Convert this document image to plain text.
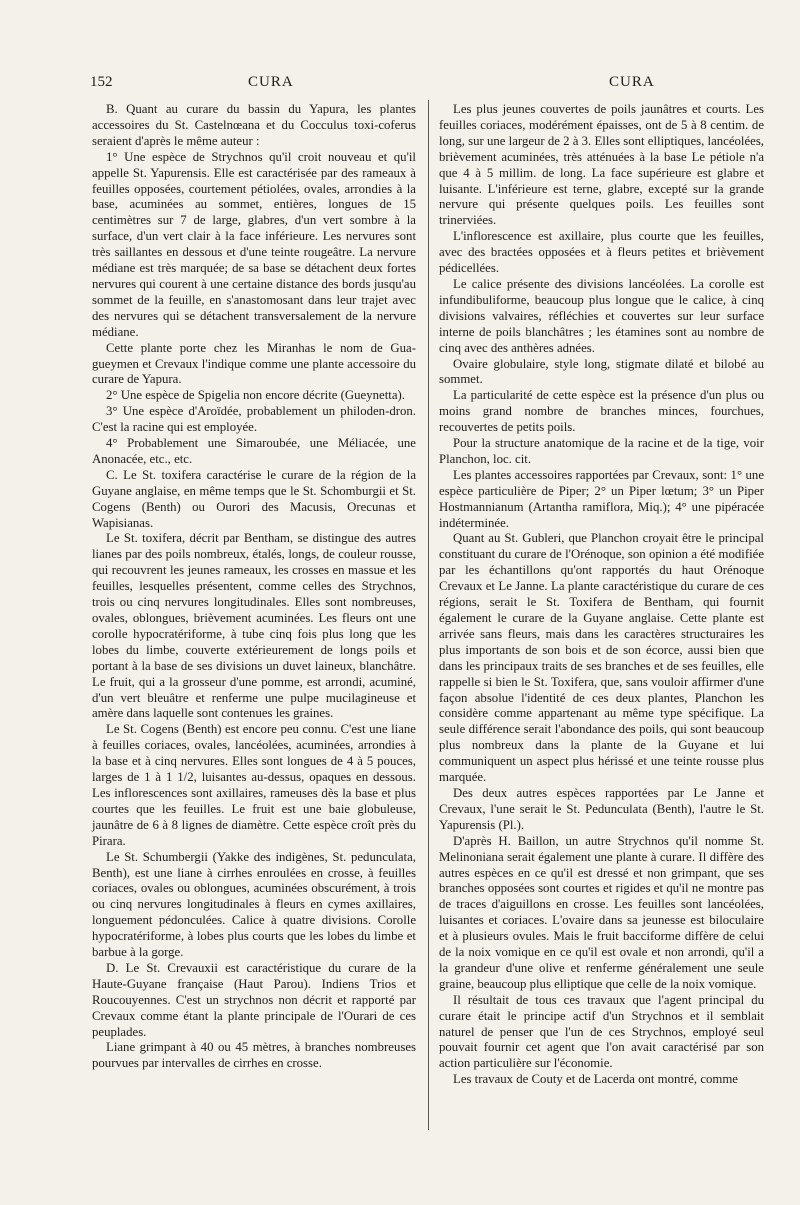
152	CURA	CURA

B. Quant au curare du bassin du Yapura, les plantes accessoires du St. Castelnœana et du Cocculus toxi-coferus seraient d'après le même auteur :

1° Une espèce de Strychnos qu'il croit nouveau et qu'il appelle St. Yapurensis. Elle est caractérisée par des rameaux à feuilles opposées, courtement pétiolées, ovales, arrondies à la base, acuminées au sommet, entières, longues de 15 centimètres sur 7 de large, glabres, d'un vert sombre à la surface, d'un vert clair à la face inférieure. Les nervures sont très saillantes en dessous et d'une teinte rougeâtre. La nervure médiane est très marquée; de sa base se détachent deux fortes nervures qui courent à une certaine distance des bords jusqu'au sommet de la feuille, en s'anastomosant dans leur trajet avec des nervures qui se détachent transversalement de la nervure médiane.

Cette plante porte chez les Miranhas le nom de Gua-gueymen et Crevaux l'indique comme une plante accessoire du curare de Yapura.

2° Une espèce de Spigelia non encore décrite (Gueynetta).

3° Une espèce d'Aroïdée, probablement un philoden-dron. C'est la racine qui est employée.

4° Probablement une Simaroubée, une Méliacée, une Anonacée, etc., etc.

C. Le St. toxifera caractérise le curare de la région de la Guyane anglaise, en même temps que le St. Schomburgii et St. Cogens (Benth) ou Ourori des Macusis, Orecunas et Wapisianas.

Le St. toxifera, décrit par Bentham, se distingue des autres lianes par des poils nombreux, étalés, longs, de couleur rousse, qui recouvrent les jeunes rameaux, les crosses en massue et les feuilles, lesquelles présentent, comme celles des Strychnos, trois ou cinq nervures longitudinales. Elles sont nombreuses, ovales, oblongues, brièvement acuminées. Les fleurs ont une corolle hypocratériforme, à tube cinq fois plus long que les lobes du limbe, couverte extérieurement de longs poils et portant à la base de ses divisions un duvet laineux, blanchâtre. Le fruit, qui a la grosseur d'une pomme, est arrondi, acuminé, d'un vert bleuâtre et renferme une pulpe mucilagineuse et amère dans laquelle sont contenues les graines.

Le St. Cogens (Benth) est encore peu connu. C'est une liane à feuilles coriaces, ovales, lancéolées, acuminées, arrondies à la base et à cinq nervures. Elles sont longues de 4 à 5 pouces, larges de 1 à 1 1/2, luisantes au-dessus, opaques en dessous. Les inflorescences sont axillaires, rameuses dès la base et plus courtes que les feuilles. Le fruit est une baie globuleuse, jaunâtre de 6 à 8 lignes de diamètre. Cette espèce croît près du Pirara.

Le St. Schumbergii (Yakke des indigènes, St. pedunculata, Benth), est une liane à cirrhes enroulées en crosse, à feuilles coriaces, ovales ou oblongues, acuminées obscurément, à trois ou cinq nervures longitudinales à fleurs en cymes axillaires, longuement pédonculées. Calice à quatre divisions. Corolle hypocratériforme, à lobes plus courts que les lobes du limbe et barbue à la gorge.

D. Le St. Crevauxii est caractéristique du curare de la Haute-Guyane française (Haut Parou). Indiens Trios et Roucouyennes. C'est un strychnos non décrit et rapporté par Crevaux comme étant la plante principale de l'Ourari de ces peuplades.

Liane grimpant à 40 ou 45 mètres, à branches nombreuses pourvues par intervalles de cirrhes en crosse.

Les plus jeunes couvertes de poils jaunâtres et courts. Les feuilles coriaces, modérément épaisses, ont de 5 à 8 centim. de long, sur une largeur de 2 à 3. Elles sont elliptiques, lancéolées, brièvement acuminées, très atténuées à la base Le pétiole n'a que 4 à 5 millim. de long. La face supérieure est glabre et luisante. L'inférieure est terne, glabre, excepté sur la grande nervure qui présente quelques poils. Les feuilles sont trinerviées.

L'inflorescence est axillaire, plus courte que les feuilles, avec des bractées opposées et à fleurs petites et brièvement pédicellées.

Le calice présente des divisions lancéolées. La corolle est infundibuliforme, beaucoup plus longue que le calice, à cinq divisions valvaires, réfléchies et couvertes sur leur surface interne de poils blanchâtres ; les étamines sont au nombre de cinq avec des anthères adnées.

Ovaire globulaire, style long, stigmate dilaté et bilobé au sommet.

La particularité de cette espèce est la présence d'un plus ou moins grand nombre de branches minces, fourchues, recouvertes de petits poils.

Pour la structure anatomique de la racine et de la tige, voir Planchon, loc. cit.

Les plantes accessoires rapportées par Crevaux, sont: 1° une espèce particulière de Piper; 2° un Piper lœtum; 3° un Piper Hostmannianum (Artantha ramiflora, Miq.); 4° une pipéracée indéterminée.

Quant au St. Gubleri, que Planchon croyait être le principal constituant du curare de l'Orénoque, son opinion a été modifiée par les échantillons qu'ont rapportés du haut Orénoque Crevaux et Le Janne. La plante caractéristique du curare de ces régions, serait le St. Toxifera de Bentham, qui fournit également le curare de la Guyane anglaise. Cette plante est arrivée sans fleurs, mais dans les caractères structuraires les plus importants de son bois et de son écorce, aussi bien que dans les principaux traits de ses branches et de ses feuilles, elle rappelle si bien le St. Toxifera, que, sans vouloir affirmer d'une façon absolue l'identité de ces deux plantes, Planchon les considère comme appartenant au même type spécifique. La seule différence serait l'abondance des poils, qui sont beaucoup plus nombreux dans la plante de la Guyane et lui communiquent un aspect plus hérissé et une teinte rousse plus marquée.

Des deux autres espèces rapportées par Le Janne et Crevaux, l'une serait le St. Pedunculata (Benth), l'autre le St. Yapurensis (Pl.).

D'après H. Baillon, un autre Strychnos qu'il nomme St. Melinoniana serait également une plante à curare. Il diffère des autres espèces en ce qu'il est dressé et non grimpant, que ses branches opposées sont courtes et rigides et qu'il ne montre pas de traces d'aiguillons en crosse. Les feuilles sont lancéolées, luisantes et coriaces. L'ovaire dans sa jeunesse est biloculaire et à plusieurs ovules. Mais le fruit bacciforme diffère de celui de la noix vomique en ce qu'il est ovale et non arrondi, qu'il a la grandeur d'une olive et renferme généralement une seule graine, beaucoup plus elliptique que celle de la noix vomique.

Il résultait de tous ces travaux que l'agent principal du curare était le principe actif d'un Strychnos et il semblait naturel de penser que l'un de ces Strychnos, employé seul pouvait fournir cet agent que l'on avait caractérisé par son action particulière sur l'économie.

Les travaux de Couty et de Lacerda ont montré, comme
